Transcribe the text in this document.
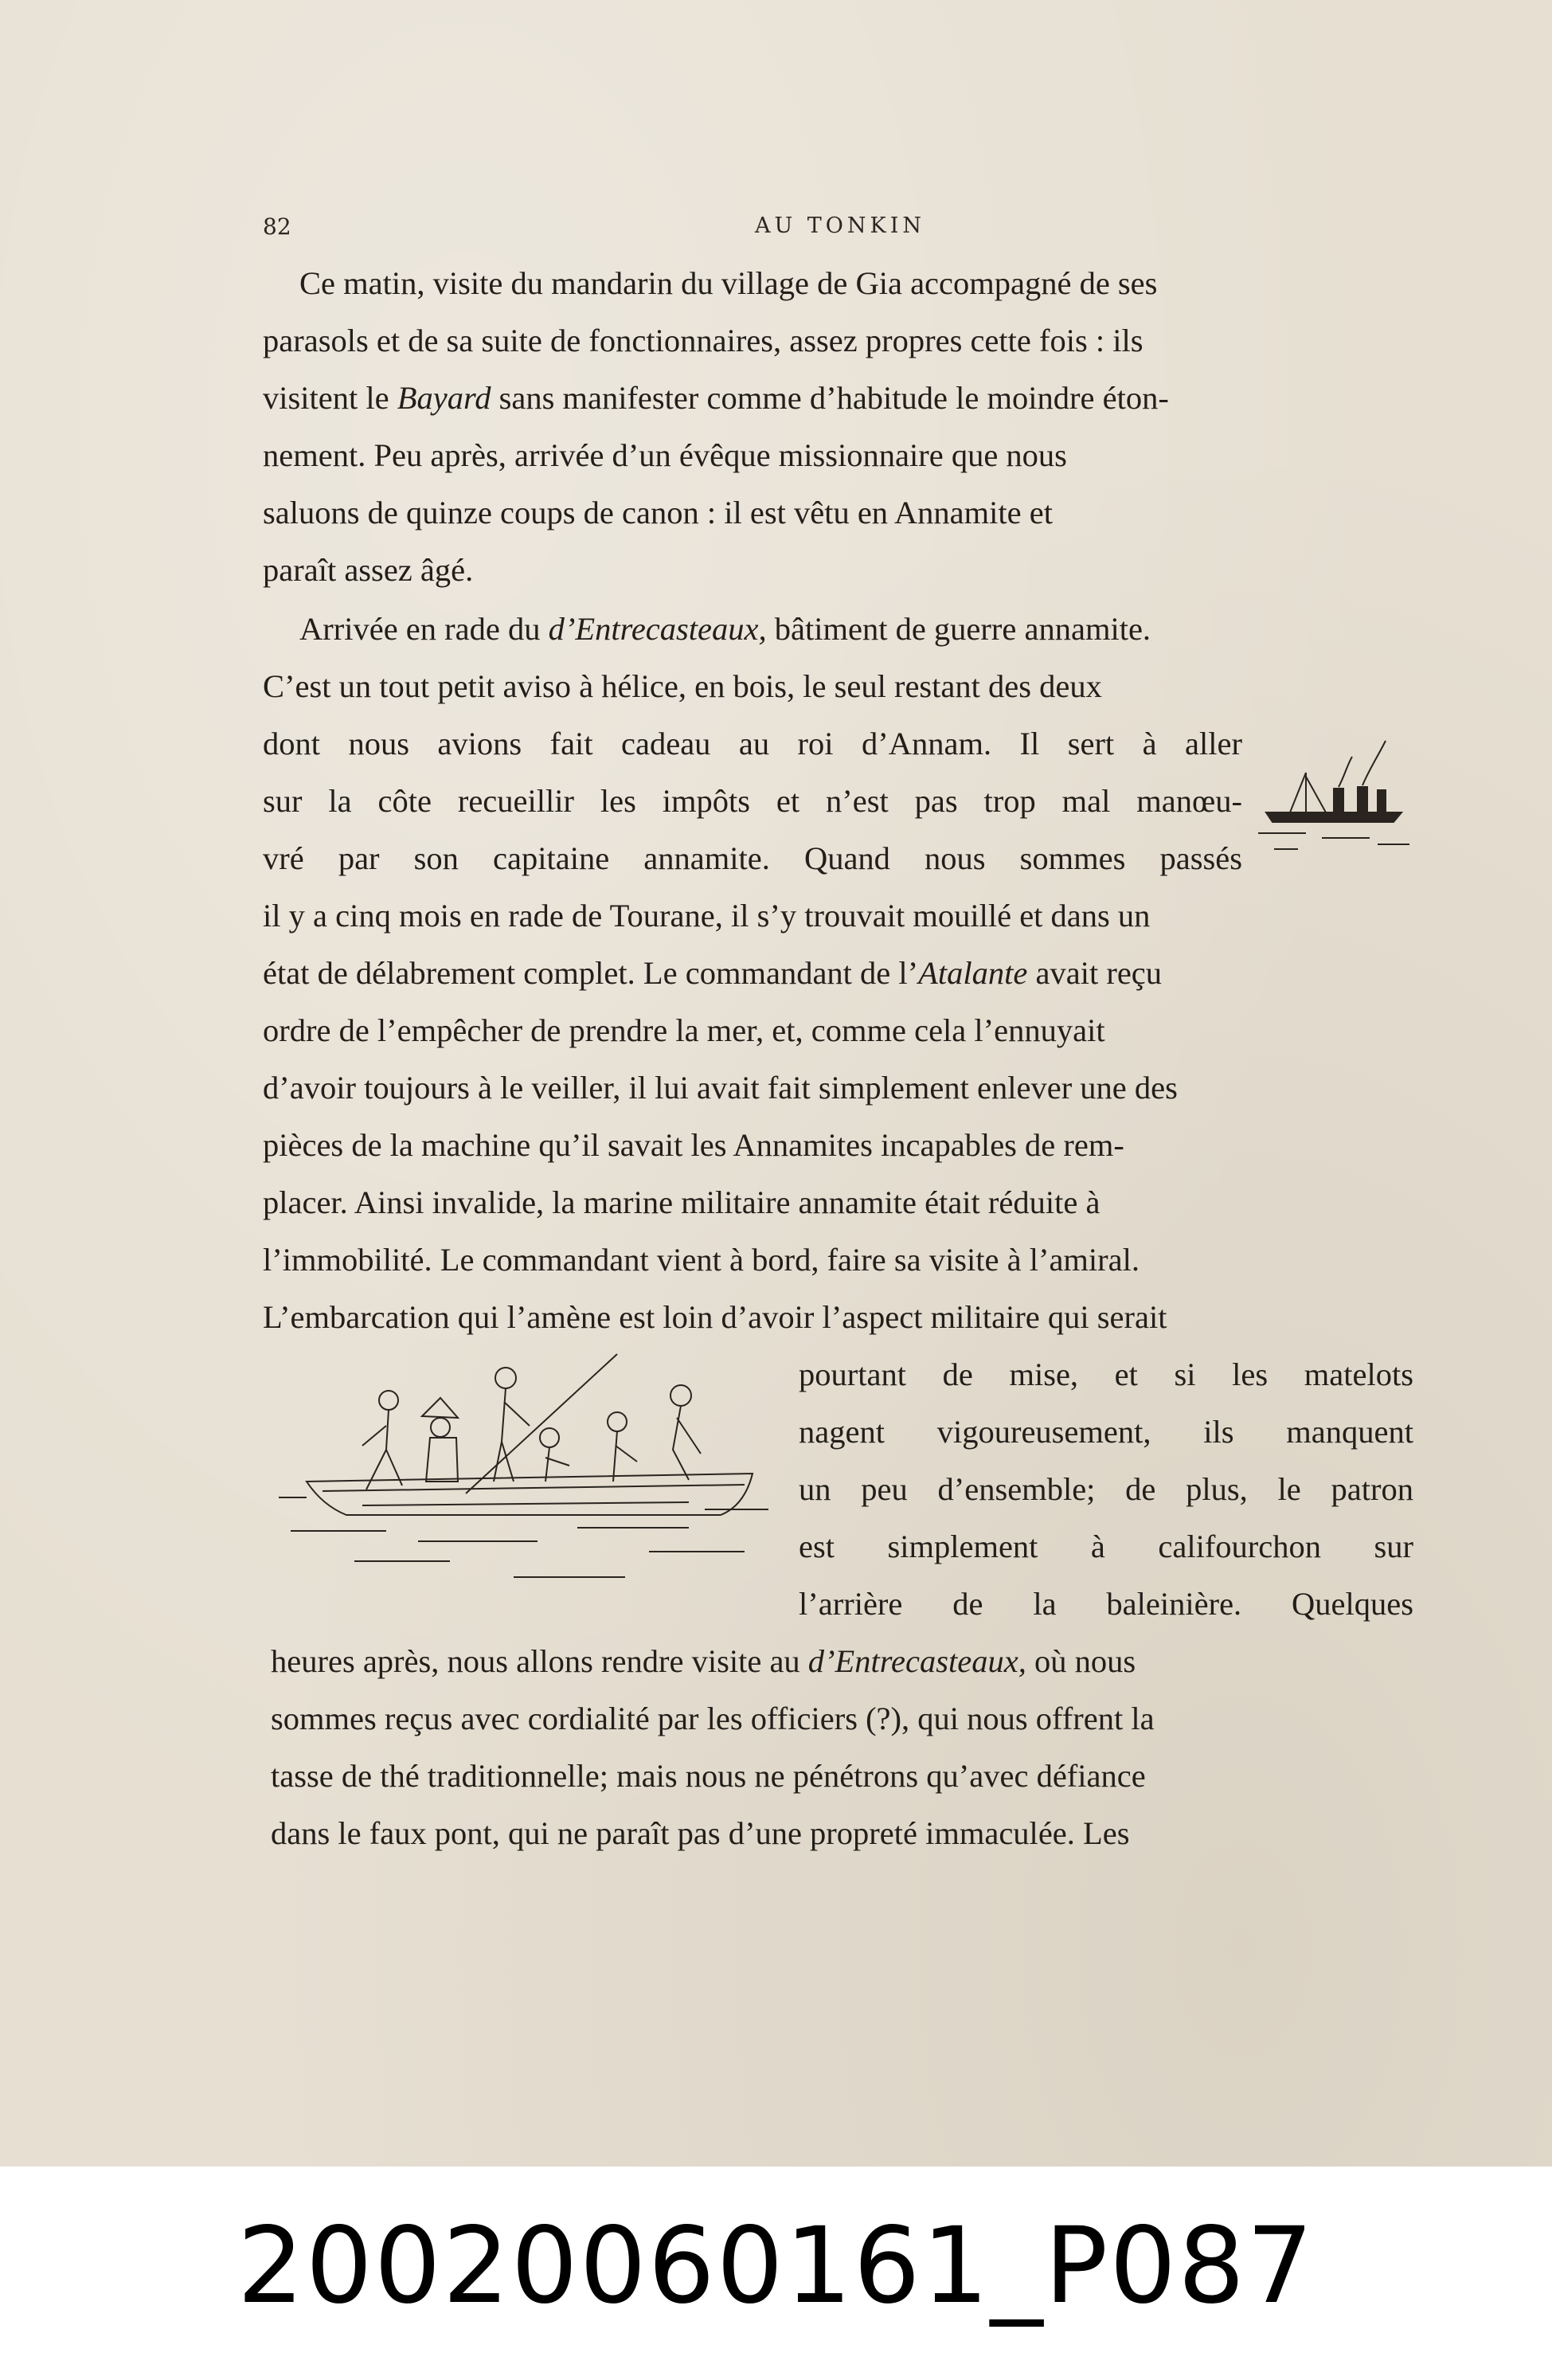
82	AU TONKIN
Ce matin, visite du mandarin du village de Gia accompagné de ses
parasols et de sa suite de fonctionnaires, assez propres cette fois : ils
visitent le Bayard sans manifester comme d’habitude le moindre éton-
nement. Peu après, arrivée d’un évêque missionnaire que nous
saluons de quinze coups de canon : il est vêtu en Annamite et
paraît assez âgé.
Arrivée en rade du d’Entrecasteaux, bâtiment de guerre annamite.
C’est un tout petit aviso à hélice, en bois, le seul restant des deux
dont nous avions fait cadeau au roi d’Annam. Il sert à aller
sur la côte recueillir les impôts et n’est pas trop mal manœu-
vré par son capitaine annamite. Quand nous sommes passés
il y a cinq mois en rade de Tourane, il s’y trouvait mouillé et dans un
état de délabrement complet. Le commandant de l’Atalante avait reçu
ordre de l’empêcher de prendre la mer, et, comme cela l’ennuyait
d’avoir toujours à le veiller, il lui avait fait simplement enlever une des
pièces de la machine qu’il savait les Annamites incapables de rem-
placer. Ainsi invalide, la marine militaire annamite était réduite à
l’immobilité. Le commandant vient à bord, faire sa visite à l’amiral.
L’embarcation qui l’amène est loin d’avoir l’aspect militaire qui serait
pourtant de mise, et si les matelots
nagent vigoureusement, ils manquent
un peu d’ensemble; de plus, le patron
est simplement à califourchon sur
l’arrière de la baleinière. Quelques
heures après, nous allons rendre visite au d’Entrecasteaux, où nous
sommes reçus avec cordialité par les officiers (?), qui nous offrent la
tasse de thé traditionnelle; mais nous ne pénétrons qu’avec défiance
dans le faux pont, qui ne paraît pas d’une propreté immaculée. Les
20020060161_P087
